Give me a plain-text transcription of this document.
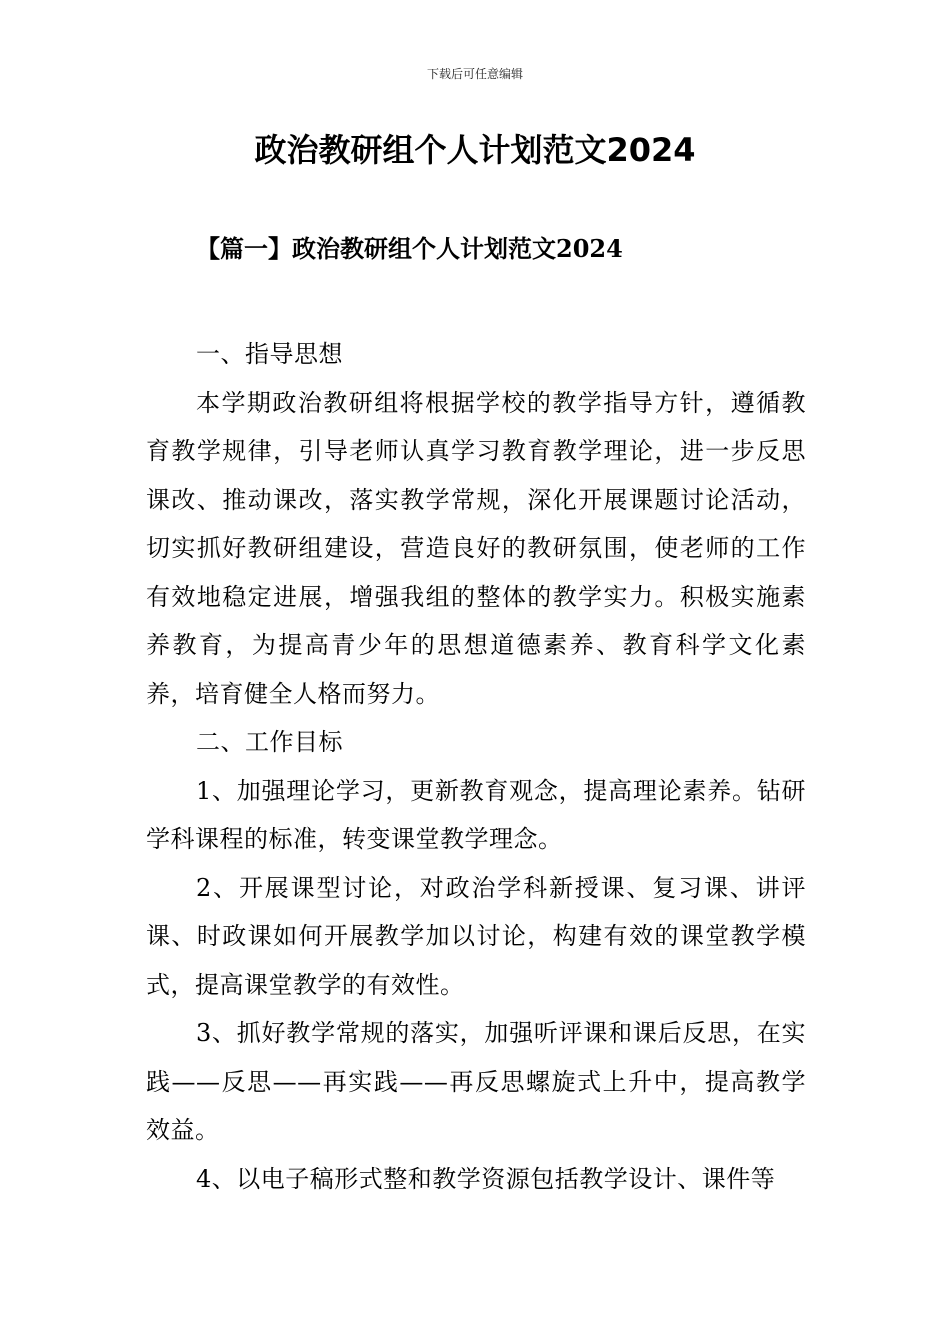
下载后可任意编辑
政治教研组个人计划范文2024
【篇一】政治教研组个人计划范文2024

一、指导思想

本学期政治教研组将根据学校的教学指导方针，遵循教育教学规律，引导老师认真学习教育教学理论，进一步反思课改、推动课改，落实教学常规，深化开展课题讨论活动，切实抓好教研组建设，营造良好的教研氛围，使老师的工作有效地稳定进展，增强我组的整体的教学实力。积极实施素养教育，为提高青少年的思想道德素养、教育科学文化素养，培育健全人格而努力。

二、工作目标

1、加强理论学习，更新教育观念，提高理论素养。钻研学科课程的标准，转变课堂教学理念。

2、开展课型讨论，对政治学科新授课、复习课、讲评课、时政课如何开展教学加以讨论，构建有效的课堂教学模式，提高课堂教学的有效性。

3、抓好教学常规的落实，加强听评课和课后反思，在实践——反思——再实践——再反思螺旋式上升中，提高教学效益。

4、以电子稿形式整和教学资源包括教学设计、课件等
